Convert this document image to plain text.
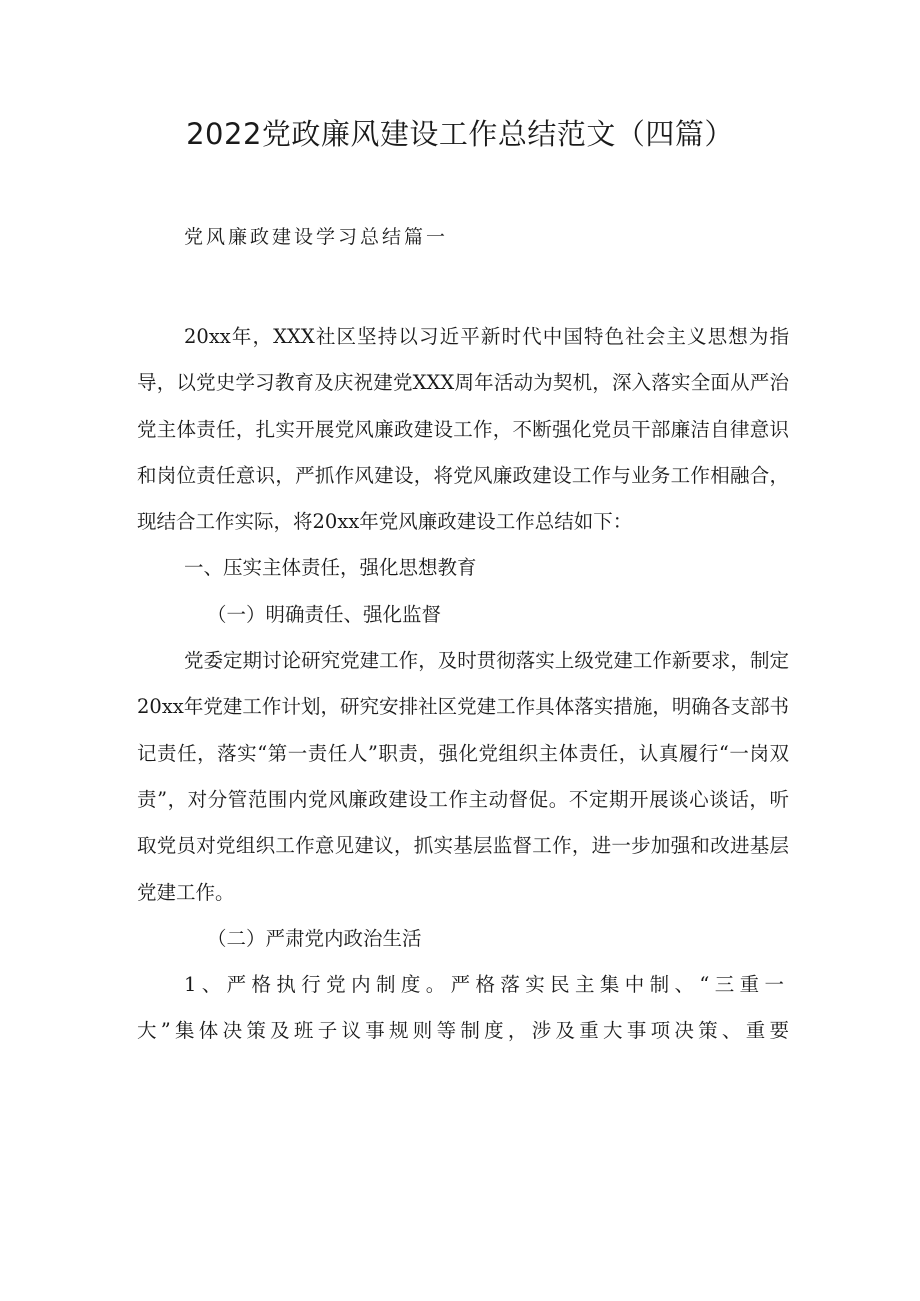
2022党政廉风建设工作总结范文（四篇）

党风廉政建设学习总结篇一

20xx年，XXX社区坚持以习近平新时代中国特色社会主义思想为指导，以党史学习教育及庆祝建党XXX周年活动为契机，深入落实全面从严治党主体责任，扎实开展党风廉政建设工作，不断强化党员干部廉洁自律意识和岗位责任意识，严抓作风建设，将党风廉政建设工作与业务工作相融合，现结合工作实际，将20xx年党风廉政建设工作总结如下：

一、压实主体责任，强化思想教育

（一）明确责任、强化监督

党委定期讨论研究党建工作，及时贯彻落实上级党建工作新要求，制定20xx年党建工作计划，研究安排社区党建工作具体落实措施，明确各支部书记责任，落实“第一责任人”职责，强化党组织主体责任，认真履行“一岗双责”，对分管范围内党风廉政建设工作主动督促。不定期开展谈心谈话，听取党员对党组织工作意见建议，抓实基层监督工作，进一步加强和改进基层党建工作。

（二）严肃党内政治生活

1、严格执行党内制度。严格落实民主集中制、“三重一
大”集体决策及班子议事规则等制度，涉及重大事项决策、重要
